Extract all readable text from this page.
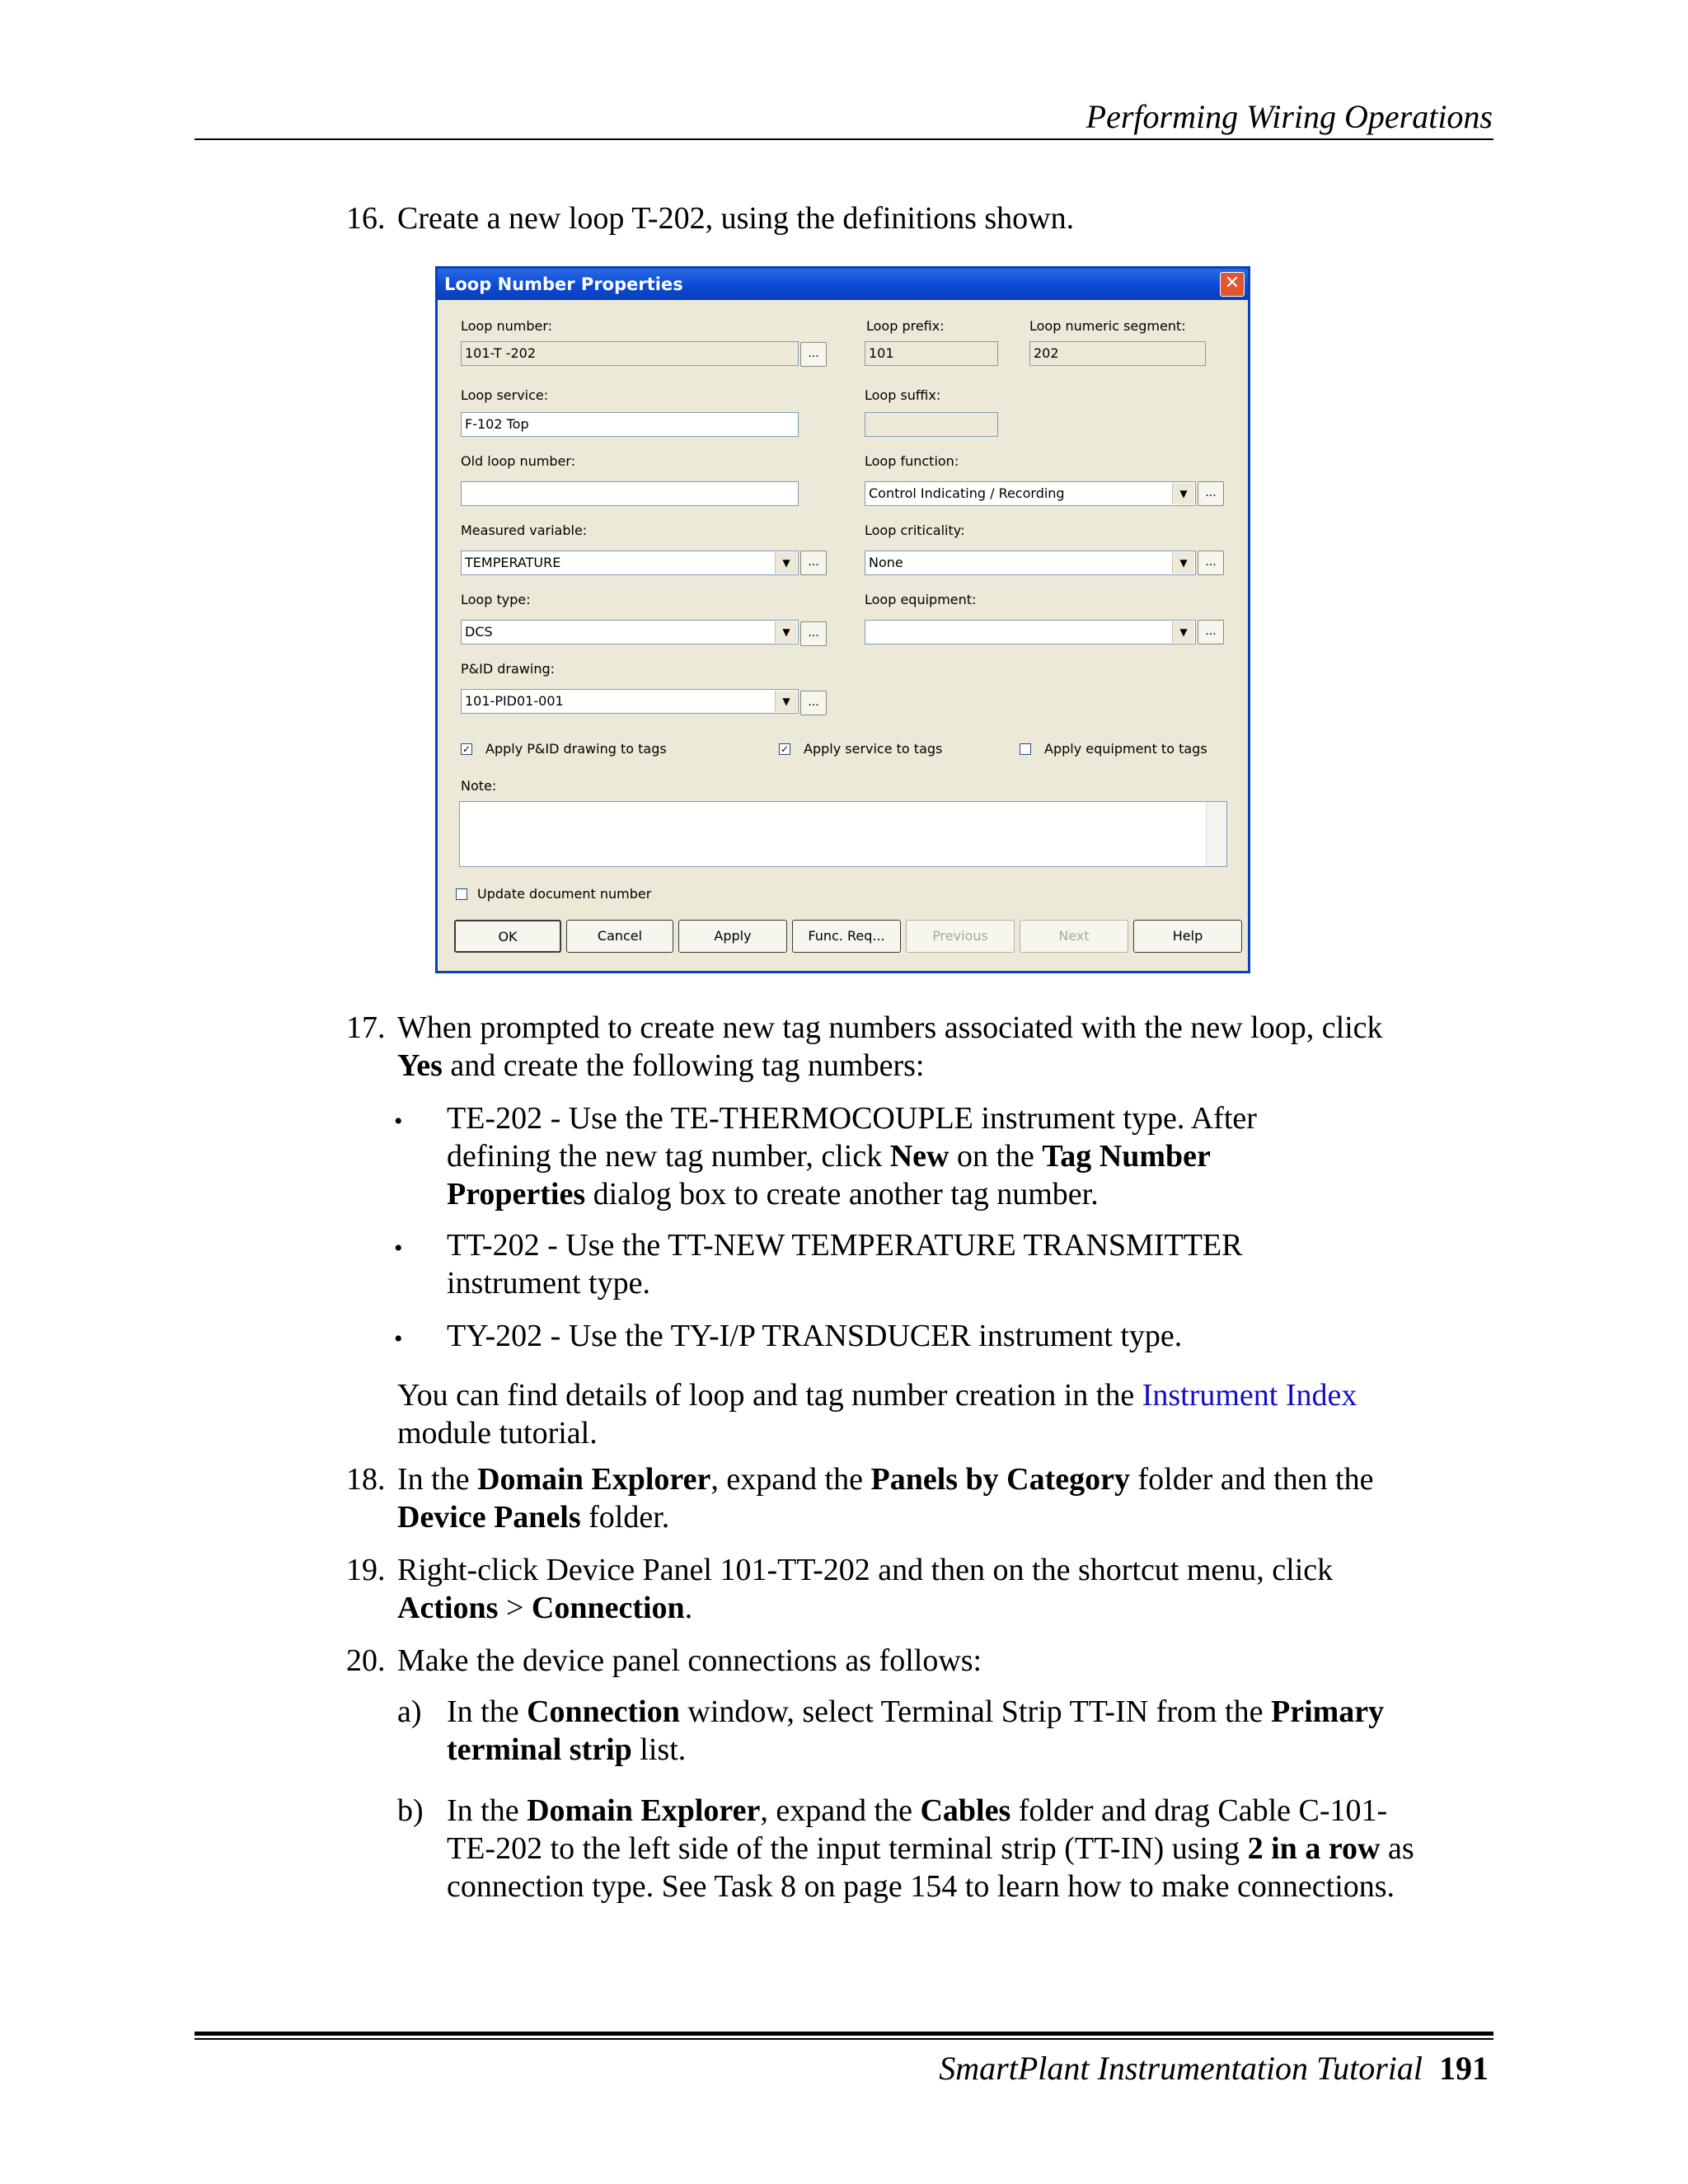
Performing Wiring Operations
16. Create a new loop T-202, using the definitions shown.
Loop Number Properties	✕
Loop number:
101-T -202	...
Loop prefix:
101
Loop numeric segment:
202
Loop service:
F-102 Top
Loop suffix:
Old loop number:	Loop function:
Control Indicating / Recording	▼	...
Measured variable:
TEMPERATURE	▼	...
Loop criticality:
None	▼	...
Loop type:
DCS	▼	...
Loop equipment:
▼	...
P&ID drawing:
101-PID01-001	▼	...
✓ Apply P&ID drawing to tags	✓ Apply service to tags	Apply equipment to tags
Note:
Update document number
OK	Cancel	Apply	Func. Req...	Previous	Next	Help
17. When prompted to create new tag numbers associated with the new loop, click
Yes and create the following tag numbers:
• TE-202 - Use the TE-THERMOCOUPLE instrument type. After
defining the new tag number, click New on the Tag Number
Properties dialog box to create another tag number.
• TT-202 - Use the TT-NEW TEMPERATURE TRANSMITTER
instrument type.
• TY-202 - Use the TY-I/P TRANSDUCER instrument type.
You can find details of loop and tag number creation in the Instrument Index
module tutorial.
18. In the Domain Explorer, expand the Panels by Category folder and then the
Device Panels folder.
19. Right-click Device Panel 101-TT-202 and then on the shortcut menu, click
Actions > Connection.
20. Make the device panel connections as follows:
a) In the Connection window, select Terminal Strip TT-IN from the Primary
terminal strip list.
b) In the Domain Explorer, expand the Cables folder and drag Cable C-101-
TE-202 to the left side of the input terminal strip (TT-IN) using 2 in a row as
connection type. See Task 8 on page 154 to learn how to make connections.
SmartPlant Instrumentation Tutorial 191
